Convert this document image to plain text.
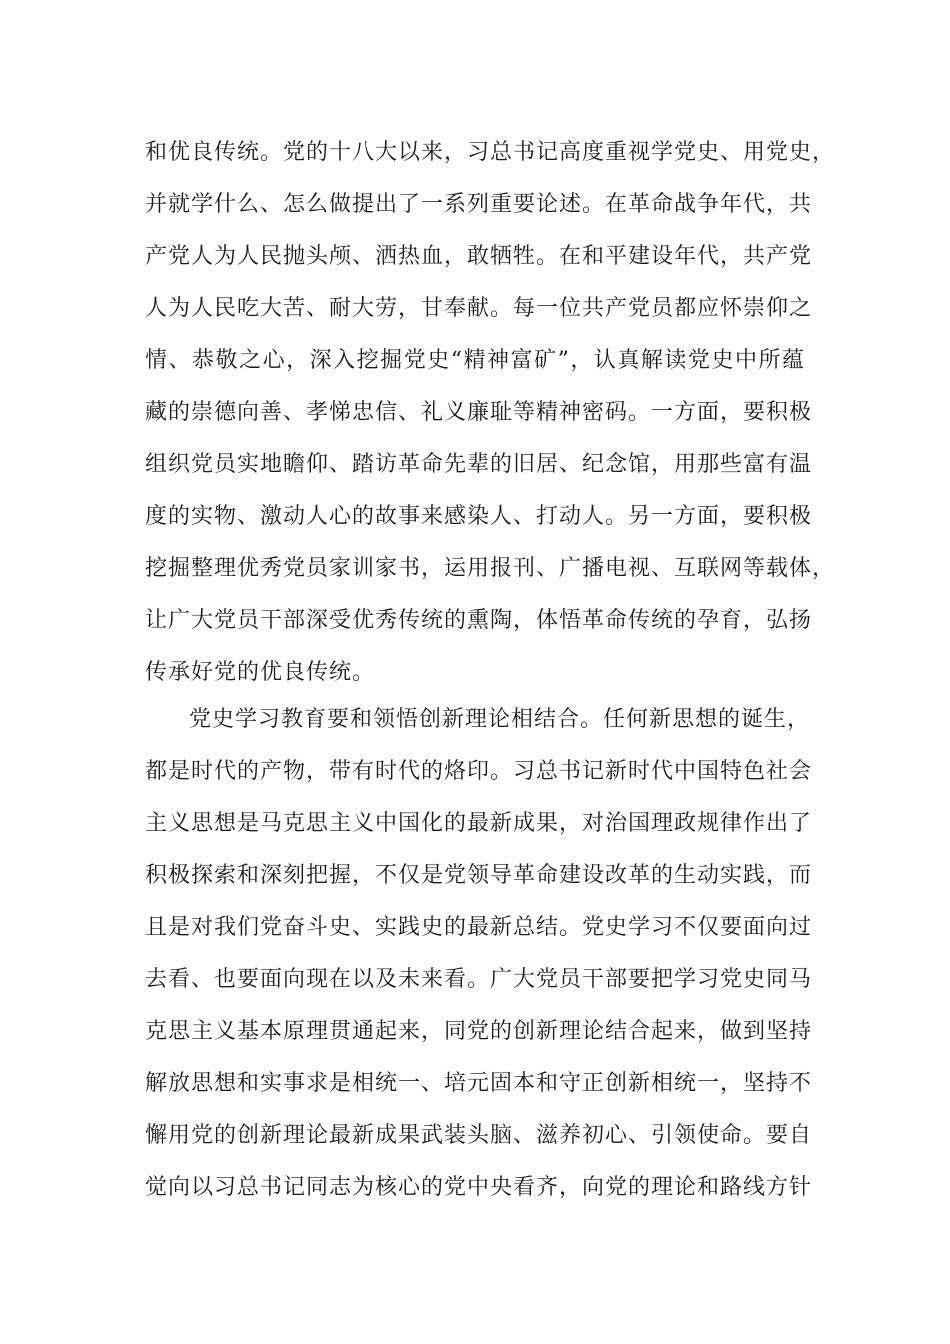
和优良传统。党的十八大以来，习总书记高度重视学党史、用党史，
并就学什么、怎么做提出了一系列重要论述。在革命战争年代，共
产党人为人民抛头颅、洒热血，敢牺牲。在和平建设年代，共产党
人为人民吃大苦、耐大劳，甘奉献。每一位共产党员都应怀崇仰之
情、恭敬之心，深入挖掘党史“精神富矿”，认真解读党史中所蕴
藏的崇德向善、孝悌忠信、礼义廉耻等精神密码。一方面，要积极
组织党员实地瞻仰、踏访革命先辈的旧居、纪念馆，用那些富有温
度的实物、激动人心的故事来感染人、打动人。另一方面，要积极
挖掘整理优秀党员家训家书，运用报刊、广播电视、互联网等载体，
让广大党员干部深受优秀传统的熏陶，体悟革命传统的孕育，弘扬
传承好党的优良传统。
党史学习教育要和领悟创新理论相结合。任何新思想的诞生，
都是时代的产物，带有时代的烙印。习总书记新时代中国特色社会
主义思想是马克思主义中国化的最新成果，对治国理政规律作出了
积极探索和深刻把握，不仅是党领导革命建设改革的生动实践，而
且是对我们党奋斗史、实践史的最新总结。党史学习不仅要面向过
去看、也要面向现在以及未来看。广大党员干部要把学习党史同马
克思主义基本原理贯通起来，同党的创新理论结合起来，做到坚持
解放思想和实事求是相统一、培元固本和守正创新相统一，坚持不
懈用党的创新理论最新成果武装头脑、滋养初心、引领使命。要自
觉向以习总书记同志为核心的党中央看齐，向党的理论和路线方针
